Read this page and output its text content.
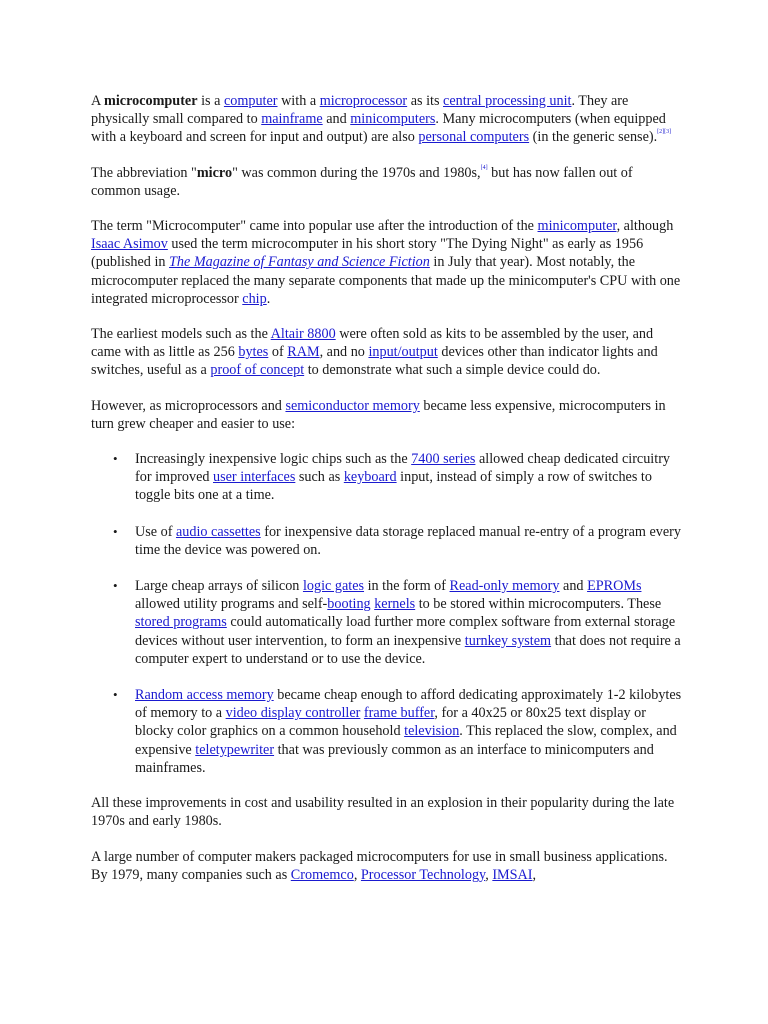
A microcomputer is a computer with a microprocessor as its central processing unit. They are physically small compared to mainframe and minicomputers. Many microcomputers (when equipped with a keyboard and screen for input and output) are also personal computers (in the generic sense).[2][3]

The abbreviation "micro" was common during the 1970s and 1980s,[4] but has now fallen out of common usage.

The term "Microcomputer" came into popular use after the introduction of the minicomputer, although Isaac Asimov used the term microcomputer in his short story "The Dying Night" as early as 1956 (published in The Magazine of Fantasy and Science Fiction in July that year). Most notably, the microcomputer replaced the many separate components that made up the minicomputer's CPU with one integrated microprocessor chip.

The earliest models such as the Altair 8800 were often sold as kits to be assembled by the user, and came with as little as 256 bytes of RAM, and no input/output devices other than indicator lights and switches, useful as a proof of concept to demonstrate what such a simple device could do.

However, as microprocessors and semiconductor memory became less expensive, microcomputers in turn grew cheaper and easier to use:

• Increasingly inexpensive logic chips such as the 7400 series allowed cheap dedicated circuitry for improved user interfaces such as keyboard input, instead of simply a row of switches to toggle bits one at a time.
• Use of audio cassettes for inexpensive data storage replaced manual re-entry of a program every time the device was powered on.
• Large cheap arrays of silicon logic gates in the form of Read-only memory and EPROMs allowed utility programs and self-booting kernels to be stored within microcomputers. These stored programs could automatically load further more complex software from external storage devices without user intervention, to form an inexpensive turnkey system that does not require a computer expert to understand or to use the device.
• Random access memory became cheap enough to afford dedicating approximately 1-2 kilobytes of memory to a video display controller frame buffer, for a 40x25 or 80x25 text display or blocky color graphics on a common household television. This replaced the slow, complex, and expensive teletypewriter that was previously common as an interface to minicomputers and mainframes.

All these improvements in cost and usability resulted in an explosion in their popularity during the late 1970s and early 1980s.

A large number of computer makers packaged microcomputers for use in small business applications. By 1979, many companies such as Cromemco, Processor Technology, IMSAI,
